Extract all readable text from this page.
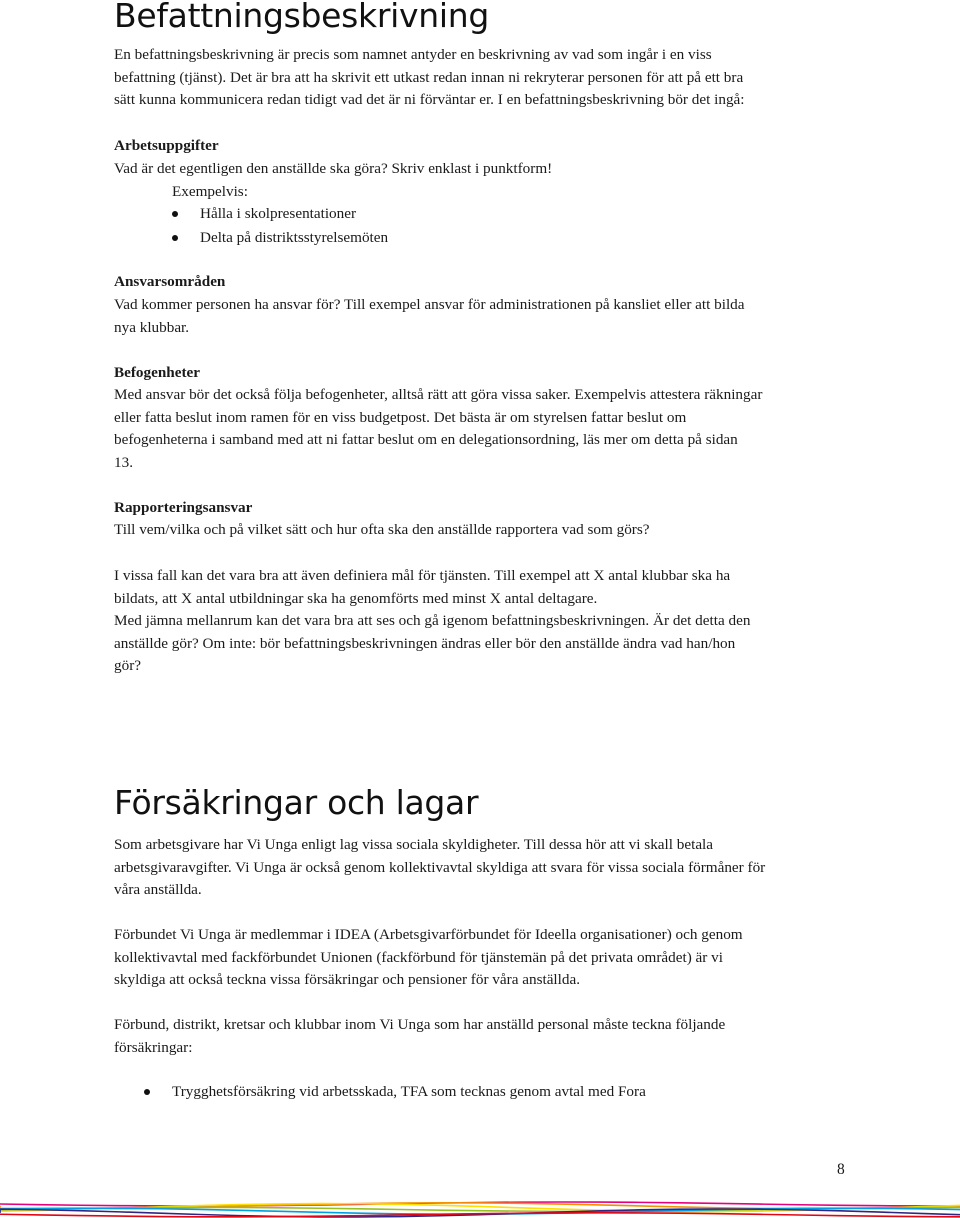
Befattningsbeskrivning

En befattningsbeskrivning är precis som namnet antyder en beskrivning av vad som ingår i en viss

befattning (tjänst). Det är bra att ha skrivit ett utkast redan innan ni rekryterar personen för att på ett bra

sätt kunna kommunicera redan tidigt vad det är ni förväntar er. I en befattningsbeskrivning bör det ingå:

Arbetsuppgifter

Vad är det egentligen den anställde ska göra? Skriv enklast i punktform!

Exempelvis:

Hålla i skolpresentationer
Delta på distriktsstyrelsemöten
Ansvarsområden

Vad kommer personen ha ansvar för? Till exempel ansvar för administrationen på kansliet eller att bilda

nya klubbar.

Befogenheter

Med ansvar bör det också följa befogenheter, alltså rätt att göra vissa saker. Exempelvis attestera räkningar

eller fatta beslut inom ramen för en viss budgetpost. Det bästa är om styrelsen fattar beslut om

befogenheterna i samband med att ni fattar beslut om en delegationsordning, läs mer om detta på sidan

13.

Rapporteringsansvar

Till vem/vilka och på vilket sätt och hur ofta ska den anställde rapportera vad som görs?

I vissa fall kan det vara bra att även definiera mål för tjänsten. Till exempel att X antal klubbar ska ha

bildats, att X antal utbildningar ska ha genomförts med minst X antal deltagare.

Med jämna mellanrum kan det vara bra att ses och gå igenom befattningsbeskrivningen. Är det detta den

anställde gör? Om inte: bör befattningsbeskrivningen ändras eller bör den anställde ändra vad han/hon

gör?

Försäkringar och lagar

Som arbetsgivare har Vi Unga enligt lag vissa sociala skyldigheter. Till dessa hör att vi skall betala

arbetsgivaravgifter. Vi Unga är också genom kollektivavtal skyldiga att svara för vissa sociala förmåner för

våra anställda.

Förbundet Vi Unga är medlemmar i IDEA (Arbetsgivarförbundet för Ideella organisationer) och genom

kollektivavtal med fackförbundet Unionen (fackförbund för tjänstemän på det privata området) är vi

skyldiga att också teckna vissa försäkringar och pensioner för våra anställda.

Förbund, distrikt, kretsar och klubbar inom Vi Unga som har anställd personal måste teckna följande

försäkringar:

Trygghetsförsäkring vid arbetsskada, TFA som tecknas genom avtal med Fora
8
